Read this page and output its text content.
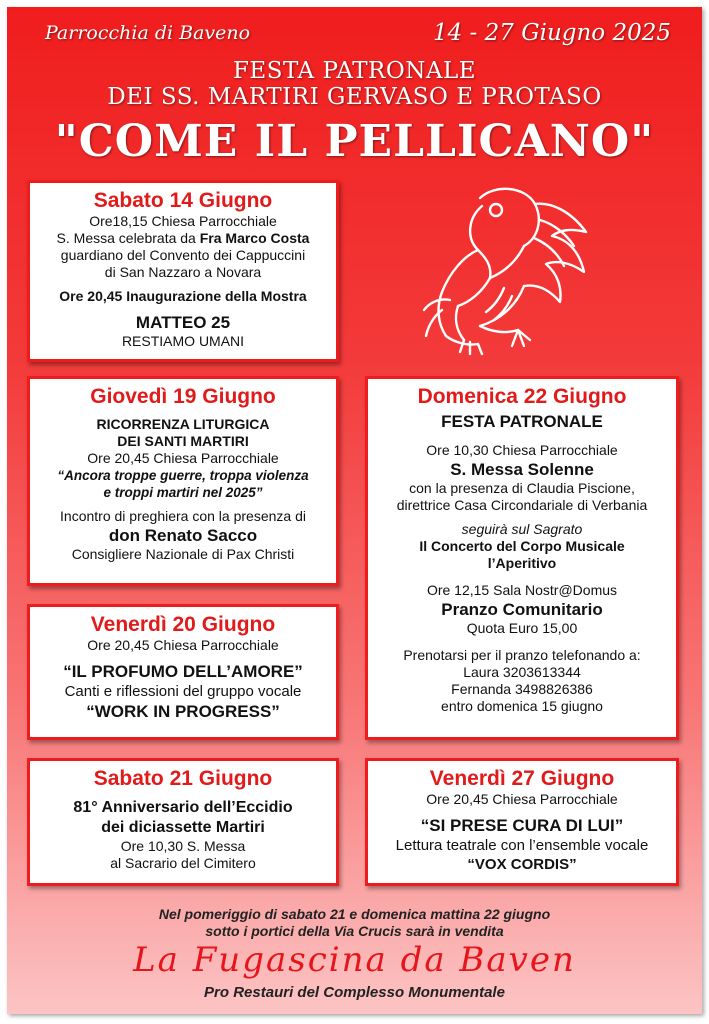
Parrocchia di Baveno	14 - 27 Giugno 2025
FESTA PATRONALE
DEI SS. MARTIRI GERVASO E PROTASO
"COME IL PELLICANO"
Sabato 14 Giugno
Ore18,15 Chiesa Parrocchiale
S. Messa celebrata da Fra Marco Costa
guardiano del Convento dei Cappuccini
di San Nazzaro a Novara
Ore 20,45 Inaugurazione della Mostra
MATTEO 25
RESTIAMO UMANI
Giovedì 19 Giugno
RICORRENZA LITURGICA
DEI SANTI MARTIRI
Ore 20,45 Chiesa Parrocchiale
“Ancora troppe guerre, troppa violenza
e troppi martiri nel 2025”
Incontro di preghiera con la presenza di
don Renato Sacco
Consigliere Nazionale di Pax Christi
Venerdì 20 Giugno
Ore 20,45 Chiesa Parrocchiale
“IL PROFUMO DELL’AMORE”
Canti e riflessioni del gruppo vocale
“WORK IN PROGRESS”
Sabato 21 Giugno
81° Anniversario dell’Eccidio
dei diciassette Martiri
Ore 10,30 S. Messa
al Sacrario del Cimitero
Domenica 22 Giugno
FESTA PATRONALE
Ore 10,30 Chiesa Parrocchiale
S. Messa Solenne
con la presenza di Claudia Piscione,
direttrice Casa Circondariale di Verbania
seguirà sul Sagrato
Il Concerto del Corpo Musicale
l’Aperitivo
Ore 12,15 Sala Nostr@Domus
Pranzo Comunitario
Quota Euro 15,00
Prenotarsi per il pranzo telefonando a:
Laura 3203613344
Fernanda 3498826386
entro domenica 15 giugno
Venerdì 27 Giugno
Ore 20,45 Chiesa Parrocchiale
“SI PRESE CURA DI LUI”
Lettura teatrale con l’ensemble vocale
“VOX CORDIS”
Nel pomeriggio di sabato 21 e domenica mattina 22 giugno
sotto i portici della Via Crucis sarà in vendita
La Fugascina da Baven
Pro Restauri del Complesso Monumentale
